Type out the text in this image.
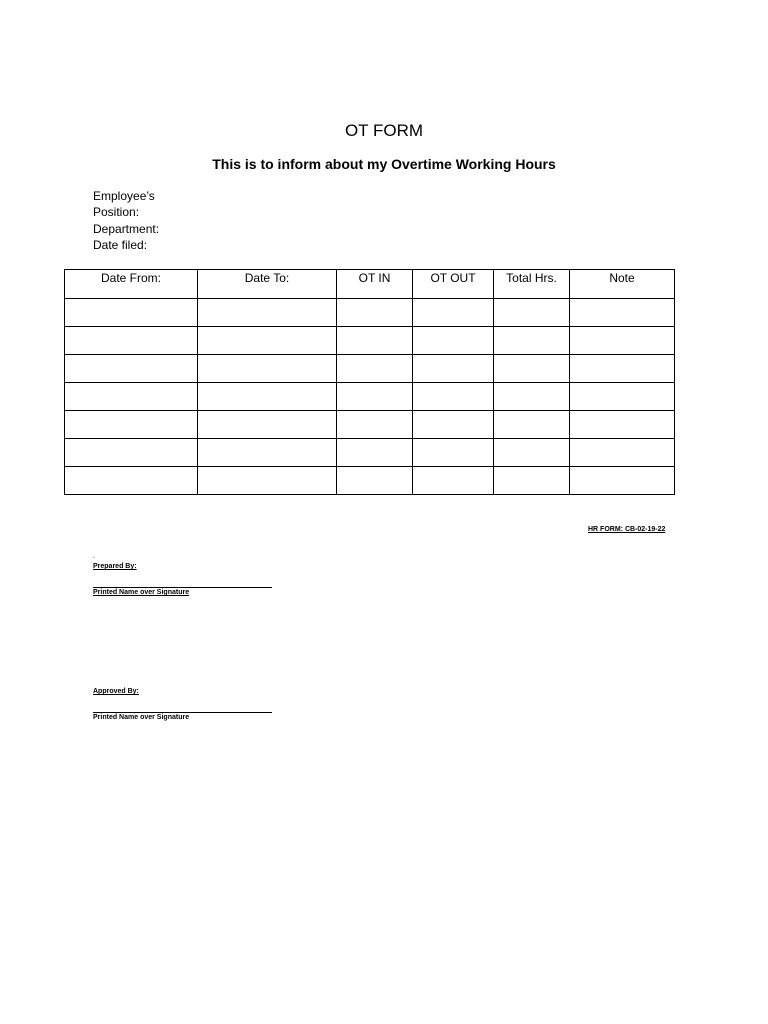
OT FORM
This is to inform about my Overtime Working Hours
Employee’s
Position:
Department:
Date filed:
Date From:	Date To:	OT IN	OT OUT	Total Hrs.	Note

HR FORM: CB-02-19-22
.
Prepared By:
Printed Name over Signature
Approved By:
Printed Name over Signature
